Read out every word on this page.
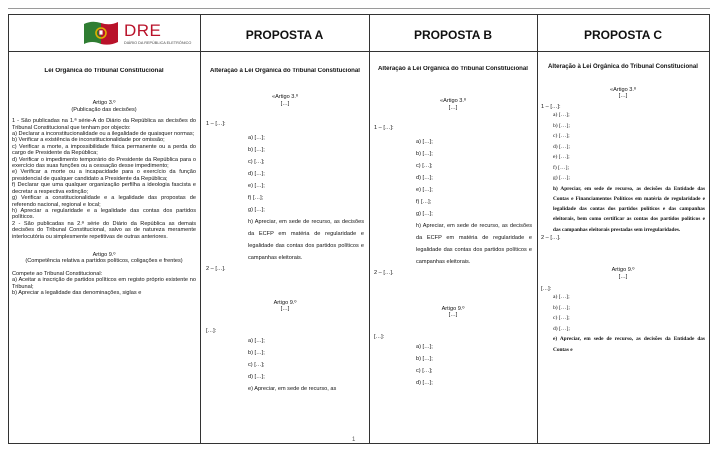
DRE
DIÁRIO DA REPÚBLICA ELETRÓNICO
PROPOSTA A	PROPOSTA B	PROPOSTA C
Lei Orgânica do Tribunal Constitucional
Artigo 3.º
(Publicação das decisões)
1 - São publicadas na 1.ª série-A do Diário da República as decisões do Tribunal Constitucional que tenham por objecto:
a) Declarar a inconstitucionalidade ou a ilegalidade de quaisquer normas;
b) Verificar a existência de inconstitucionalidade por omissão;
c) Verificar a morte, a impossibilidade física permanente ou a perda do cargo de Presidente da República;
d) Verificar o impedimento temporário do Presidente da República para o exercício das suas funções ou a cessação desse impedimento;
e) Verificar a morte ou a incapacidade para o exercício da função presidencial de qualquer candidato a Presidente da República;
f) Declarar que uma qualquer organização perfilha a ideologia fascista e decretar a respectiva extinção;
g) Verificar a constitucionalidade e a legalidade das propostas de referendo nacional, regional e local;
h) Apreciar a regularidade e a legalidade das contas dos partidos políticos.
2 - São publicadas na 2.ª série do Diário da República as demais decisões do Tribunal Constitucional, salvo as de natureza meramente interlocutória ou simplesmente repetitivas de outras anteriores.
Artigo 9.º
(Competência relativa a partidos políticos, coligações e frentes)
Compete ao Tribunal Constitucional:
a) Aceitar a inscrição de partidos políticos em registo próprio existente no Tribunal;
b) Apreciar a legalidade das denominações, siglas e
Alteração à Lei Orgânica do Tribunal Constitucional
«Artigo 3.º
[…]
1 – […]:
a) […];
b) […];
c) […];
d) […];
e) […];
f) […];
g) […];
h) Apreciar, em sede de recurso, as decisões da ECFP em matéria de regularidade e legalidade das contas dos partidos políticos e campanhas eleitorais.
2 – […].
Artigo 9.º
[…]
[…]:
a) […];
b) […];
c) […];
d) […];
e) Apreciar, em sede de recurso, as
Alteração à Lei Orgânica do Tribunal Constitucional
«Artigo 3.º
[…]
1 – […]:
a) […];
b) […];
c) […];
d) […];
e) […];
f) […];
g) […];
h) Apreciar, em sede de recurso, as decisões da ECFP em matéria de regularidade e legalidade das contas dos partidos políticos e campanhas eleitorais.
2 – […].
Artigo 9.º
[…]
[…]:
a) […];
b) […];
c) […];
d) […];
Alteração à Lei Orgânica do Tribunal Constitucional
«Artigo 3.º
[…]
1 – […]:
a) […];
b) […];
c) […];
d) […];
e) […];
f) […];
g) […];
h) Apreciar, em sede de recurso, as decisões da Entidade das Contas e Financiamentos Políticos em matéria de regularidade e legalidade das contas dos partidos políticos e das campanhas eleitorais, bem como certificar as contas dos partidos políticos e das campanhas eleitorais prestadas sem irregularidades.
2 – […].
Artigo 9.º
[…]
[…]:
a) […];
b) […];
c) […];
d) […];
e) Apreciar, em sede de recurso, as decisões da Entidade das Contas e
1
